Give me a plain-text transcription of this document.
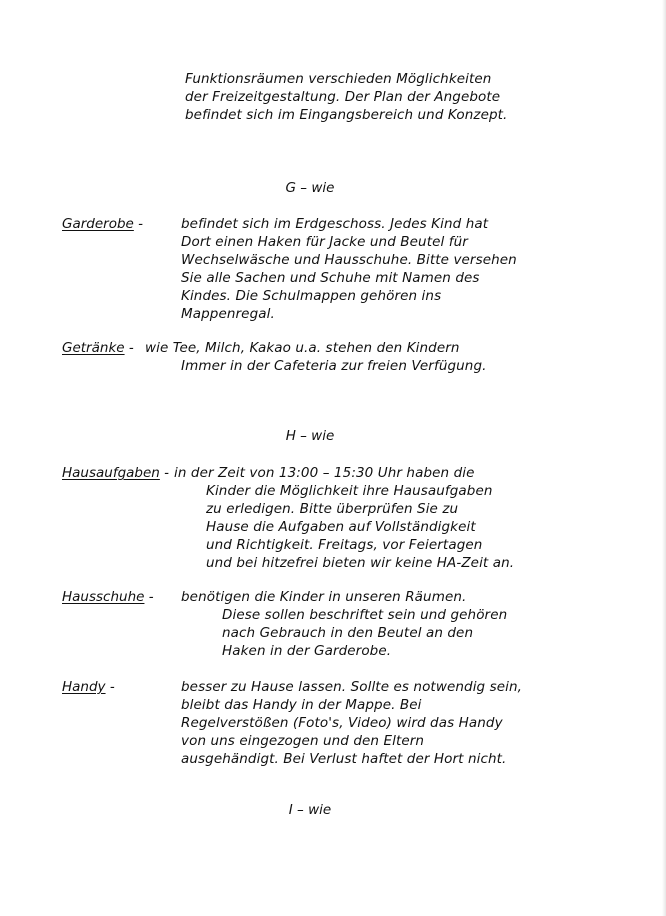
Funktionsräumen verschieden Möglichkeiten
der Freizeitgestaltung. Der Plan der Angebote
befindet sich im Eingangsbereich und Konzept.
G – wie
Garderobe -	befindet sich im Erdgeschoss. Jedes Kind hat
Dort einen Haken für Jacke und Beutel für
Wechselwäsche und Hausschuhe. Bitte versehen
Sie alle Sachen und Schuhe mit Namen des
Kindes. Die Schulmappen gehören ins
Mappenregal.
Getränke - wie Tee, Milch, Kakao u.a. stehen den Kindern
Immer in der Cafeteria zur freien Verfügung.
H – wie
Hausaufgaben - in der Zeit von 13:00 – 15:30 Uhr haben die
Kinder die Möglichkeit ihre Hausaufgaben
zu erledigen. Bitte überprüfen Sie zu
Hause die Aufgaben auf Vollständigkeit
und Richtigkeit. Freitags, vor Feiertagen
und bei hitzefrei bieten wir keine HA-Zeit an.
Hausschuhe - benötigen die Kinder in unseren Räumen.
Diese sollen beschriftet sein und gehören
nach Gebrauch in den Beutel an den
Haken in der Garderobe.
Handy -	besser zu Hause lassen. Sollte es notwendig sein,
bleibt das Handy in der Mappe. Bei
Regelverstößen (Foto's, Video) wird das Handy
von uns eingezogen und den Eltern
ausgehändigt. Bei Verlust haftet der Hort nicht.
I – wie
